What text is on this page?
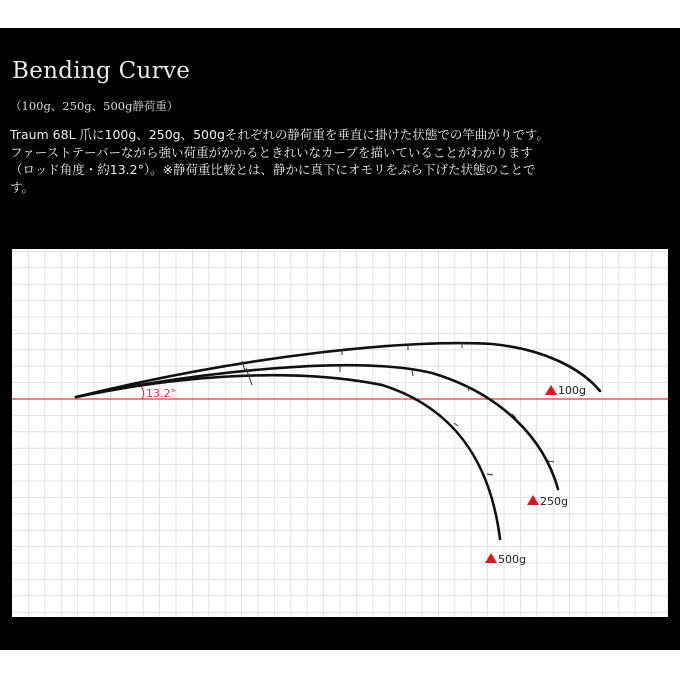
Bending Curve
（100g、250g、500g静荷重）
Traum 68L 爪に100g、250g、500gそれぞれの静荷重を垂直に掛けた状態での竿曲がりです。
ファーストテーパーながら強い荷重がかかるときれいなカーブを描いていることがわかります
（ロッド角度・約13.2°）。※静荷重比較とは、静かに真下にオモリをぶら下げた状態のことで
す。
13.2°	100g
250g
500g
